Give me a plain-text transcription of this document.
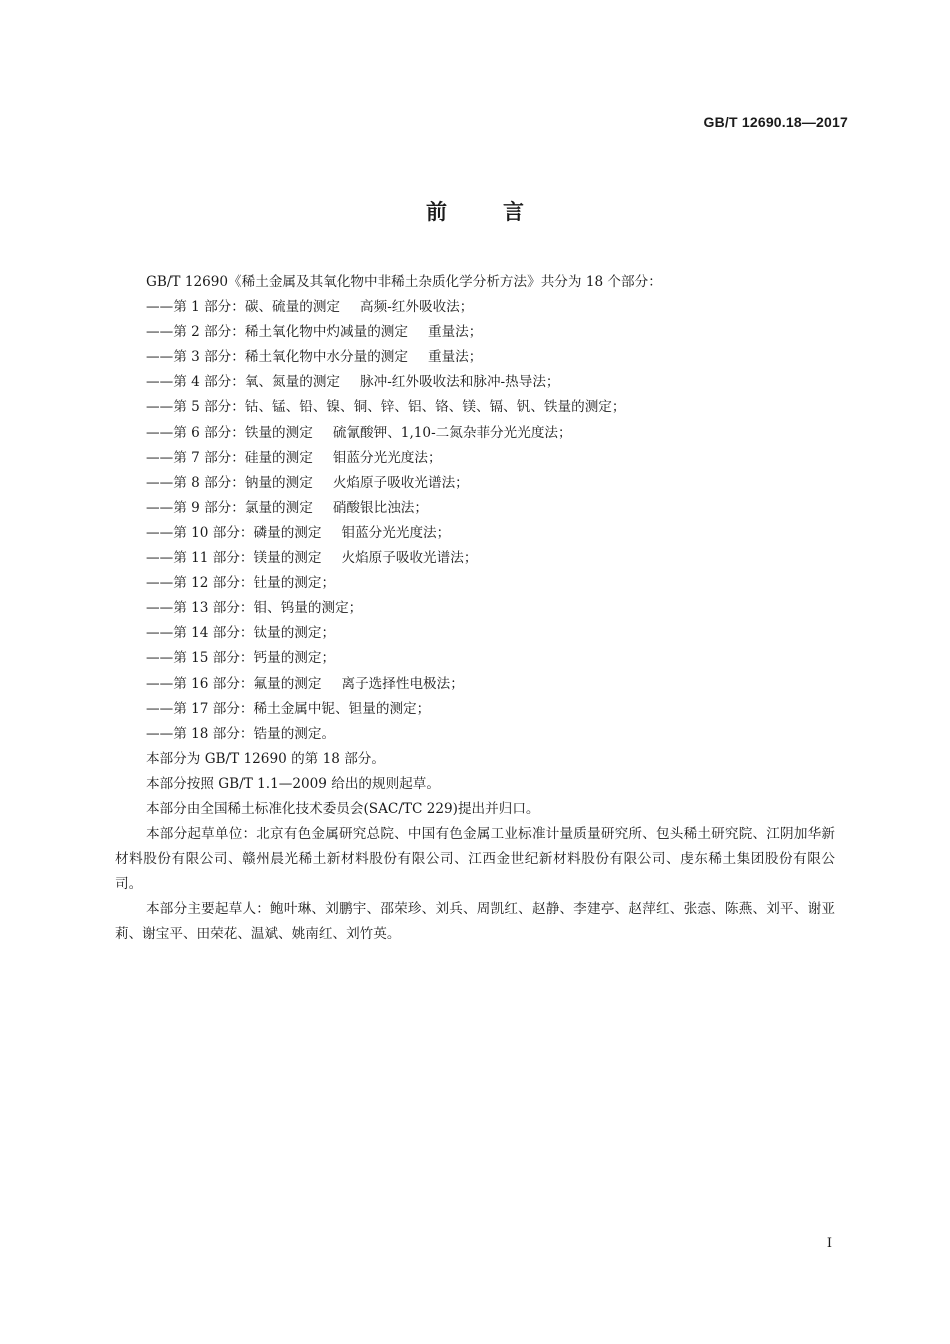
GB/T 12690.18—2017
前言

GB/T 12690《稀土金属及其氧化物中非稀土杂质化学分析方法》共分为 18 个部分：

——第 1 部分：碳、硫量的测定 高频-红外吸收法；

——第 2 部分：稀土氧化物中灼减量的测定 重量法；

——第 3 部分：稀土氧化物中水分量的测定 重量法；

——第 4 部分：氧、氮量的测定 脉冲-红外吸收法和脉冲-热导法；

——第 5 部分：钴、锰、铅、镍、铜、锌、铝、铬、镁、镉、钒、铁量的测定；

——第 6 部分：铁量的测定 硫氰酸钾、1,10-二氮杂菲分光光度法；

——第 7 部分：硅量的测定 钼蓝分光光度法；

——第 8 部分：钠量的测定 火焰原子吸收光谱法；

——第 9 部分：氯量的测定 硝酸银比浊法；

——第 10 部分：磷量的测定 钼蓝分光光度法；

——第 11 部分：镁量的测定 火焰原子吸收光谱法；

——第 12 部分：钍量的测定；

——第 13 部分：钼、钨量的测定；

——第 14 部分：钛量的测定；

——第 15 部分：钙量的测定；

——第 16 部分：氟量的测定 离子选择性电极法；

——第 17 部分：稀土金属中铌、钽量的测定；

——第 18 部分：锆量的测定。

本部分为 GB/T 12690 的第 18 部分。

本部分按照 GB/T 1.1—2009 给出的规则起草。

本部分由全国稀土标准化技术委员会(SAC/TC 229)提出并归口。

本部分起草单位：北京有色金属研究总院、中国有色金属工业标准计量质量研究所、包头稀土研究院、江阴加华新材料股份有限公司、赣州晨光稀土新材料股份有限公司、江西金世纪新材料股份有限公司、虔东稀土集团股份有限公司。

本部分主要起草人：鲍叶琳、刘鹏宇、邵荣珍、刘兵、周凯红、赵静、李建亭、赵萍红、张悫、陈燕、刘平、谢亚莉、谢宝平、田荣花、温斌、姚南红、刘竹英。

I
